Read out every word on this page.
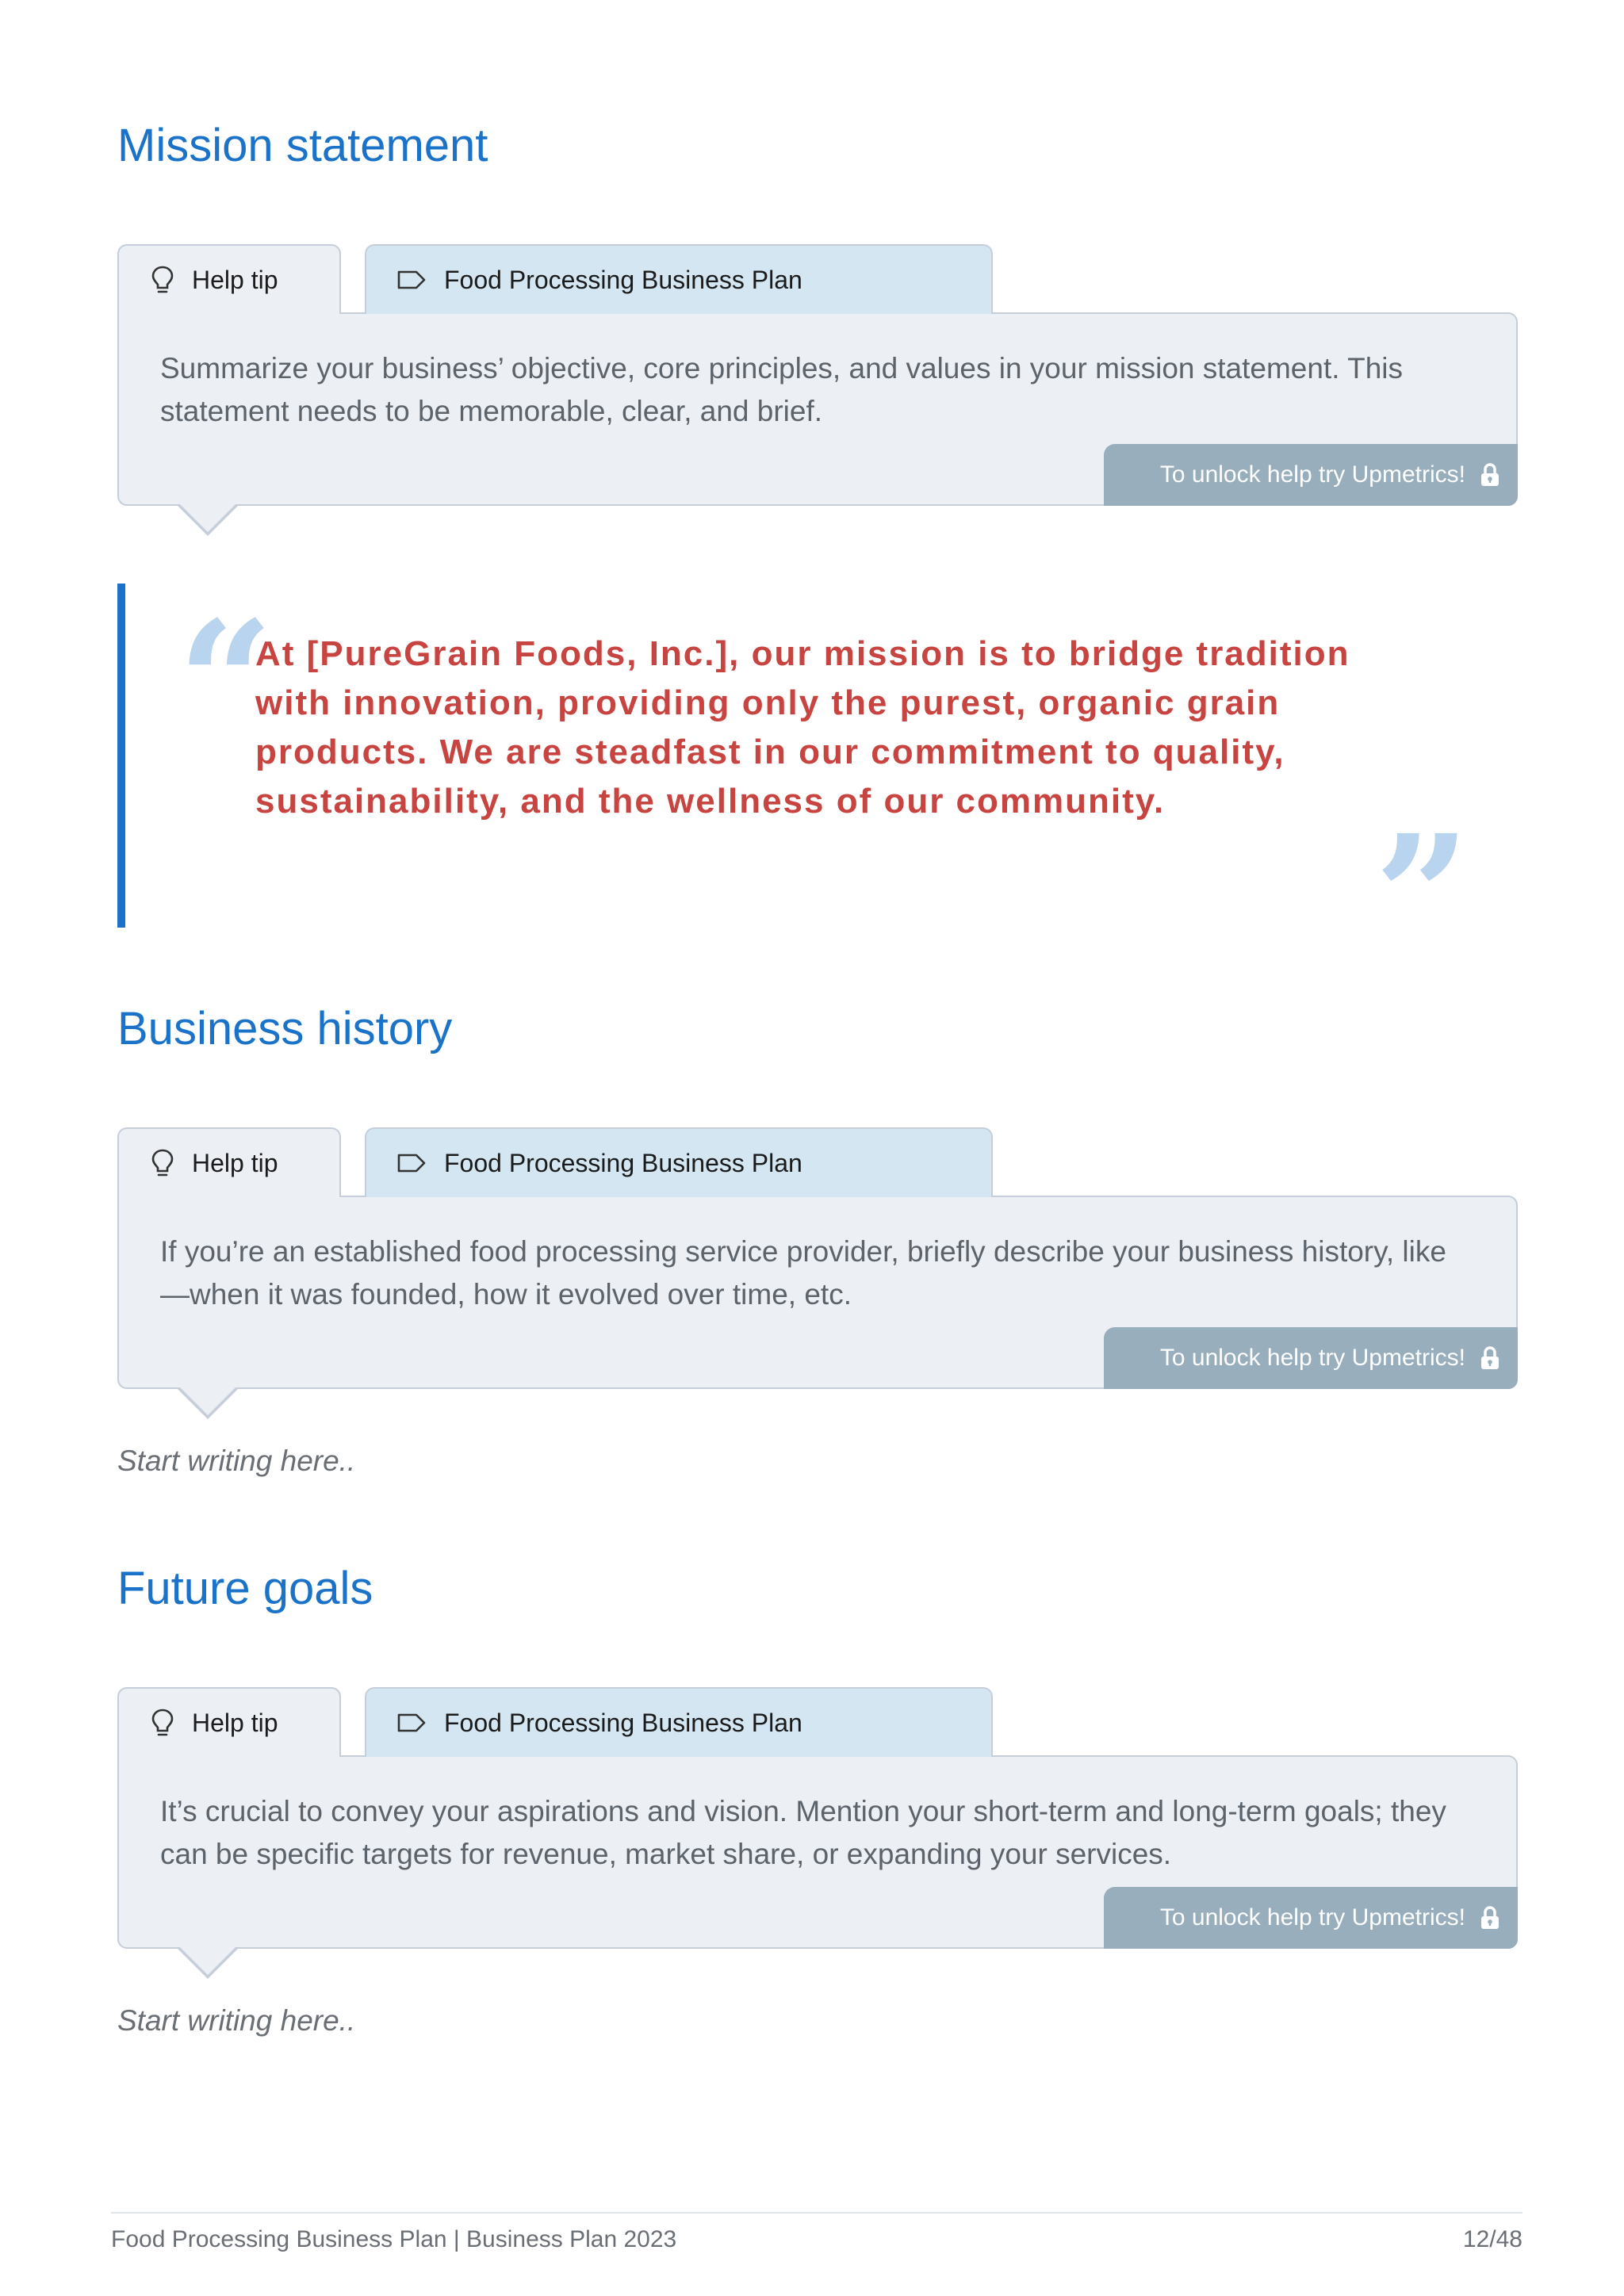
Mission statement
Help tip	Food Processing Business Plan

Summarize your business’ objective, core principles, and values in your mission statement. This statement needs to be memorable, clear, and brief.

To unlock help try Upmetrics!
“

At [PureGrain Foods, Inc.], our mission is to bridge tradition with innovation, providing only the purest, organic grain products. We are steadfast in our commitment to quality, sustainability, and the wellness of our community.	”
Business history
Help tip	Food Processing Business Plan

If you’re an established food processing service provider, briefly describe your business history, like—when it was founded, how it evolved over time, etc.

To unlock help try Upmetrics!

Start writing here..

Future goals
Help tip	Food Processing Business Plan

It’s crucial to convey your aspirations and vision. Mention your short-term and long-term goals; they can be specific targets for revenue, market share, or expanding your services.

To unlock help try Upmetrics!

Start writing here..

Food Processing Business Plan | Business Plan 2023	12/48
